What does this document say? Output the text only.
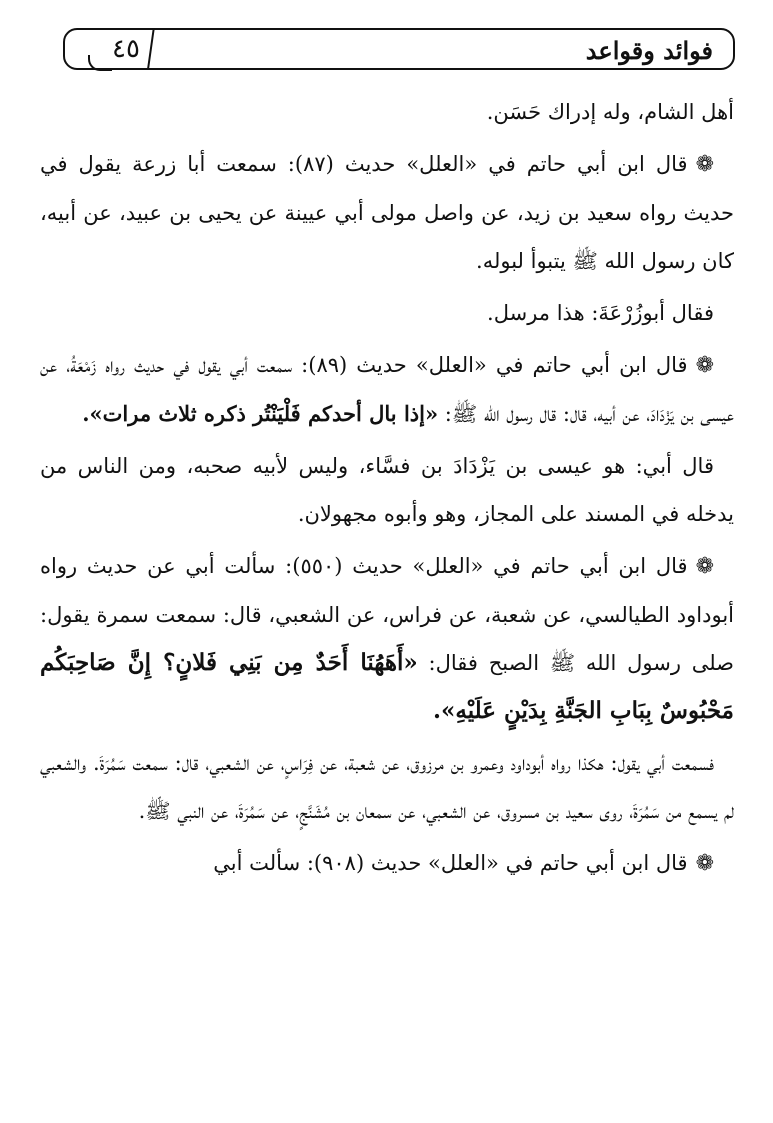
فوائد وقواعد
٤٥

أهل الشام، وله إدراك حَسَن.

❁قال ابن أبي حاتم في «العلل» حديث (٨٧): سمعت أبا زرعة يقول في حديث رواه سعيد بن زيد، عن واصل مولى أبي عيينة عن يحيى بن عبيد، عن أبيه، كان رسول الله ﷺ يتبوأ لبوله.

فقال أبوزُرْعَةَ: هذا مرسل.

❁قال ابن أبي حاتم في «العلل» حديث (٨٩): سمعت أبي يقول في حديث رواه زَمْعَةُ، عن عيسى بن يَزْدَادَ، عن أبيه، قال: قال رسول الله ﷺ: «إذا بال أحدكم فَلْيَنْتُر ذكره ثلاث مرات».

قال أبي: هو عيسى بن يَزْدَادَ بن فسَّاء، وليس لأبيه صحبه، ومن الناس من يدخله في المسند على المجاز، وهو وأبوه مجهولان.

❁قال ابن أبي حاتم في «العلل» حديث (٥٥٠): سألت أبي عن حديث رواه أبوداود الطيالسي، عن شعبة، عن فراس، عن الشعبي، قال: سمعت سمرة يقول: صلى رسول الله ﷺ الصبح فقال: «أَهَهُنَا أَحَدٌ مِن بَنِي فَلانٍ؟ إِنَّ صَاحِبَكُم مَحْبُوسٌ بِبَابِ الجَنَّةِ بِدَيْنٍ عَلَيْهِ».

فسمعت أبي يقول: هكذا رواه أبوداود وعمرو بن مرزوق، عن شعبة، عن فِرَاسٍ، عن الشعبي، قال: سمعت سَمُرَةَ. والشعبي لم يسمع من سَمُرَةَ، روى سعيد بن مسروق، عن الشعبي، عن سمعان بن مُشَنَّجٍ، عن سَمُرَةَ، عن النبي ﷺ.

❁قال ابن أبي حاتم في «العلل» حديث (٩٠٨): سألت أبي
